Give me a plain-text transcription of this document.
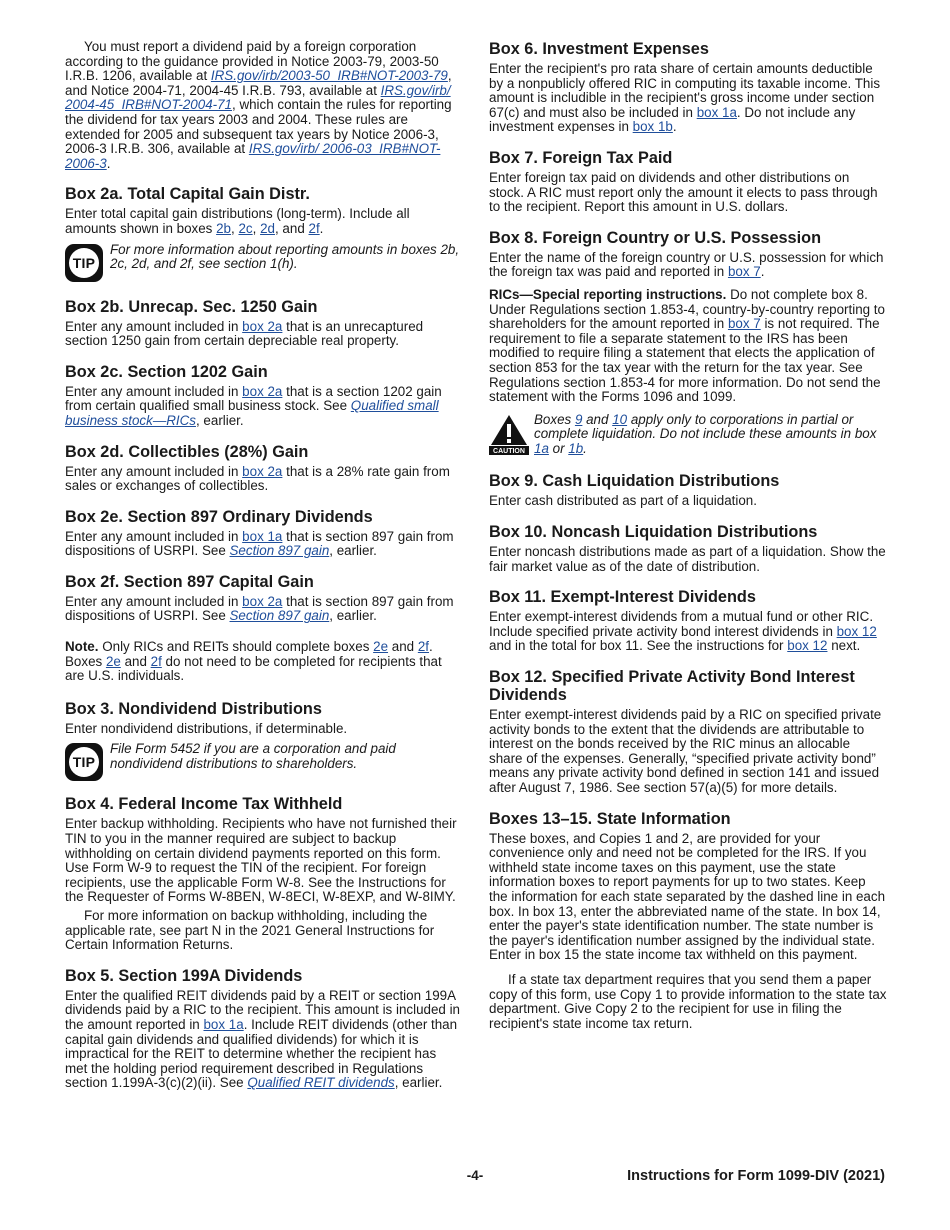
You must report a dividend paid by a foreign corporation according to the guidance provided in Notice 2003-79, 2003-50 I.R.B. 1206, available at IRS.gov/irb/2003-50_IRB#NOT-2003-79, and Notice 2004-71, 2004-45 I.R.B. 793, available at IRS.gov/irb/ 2004-45_IRB#NOT-2004-71, which contain the rules for reporting the dividend for tax years 2003 and 2004. These rules are extended for 2005 and subsequent tax years by Notice 2006-3, 2006-3 I.R.B. 306, available at IRS.gov/irb/ 2006-03_IRB#NOT-2006-3.

Box 2a. Total Capital Gain Distr.

Enter total capital gain distributions (long-term). Include all amounts shown in boxes 2b, 2c, 2d, and 2f.

TIP
For more information about reporting amounts in boxes 2b, 2c, 2d, and 2f, see section 1(h).
Box 2b. Unrecap. Sec. 1250 Gain

Enter any amount included in box 2a that is an unrecaptured section 1250 gain from certain depreciable real property.

Box 2c. Section 1202 Gain

Enter any amount included in box 2a that is a section 1202 gain from certain qualified small business stock. See Qualified small business stock—RICs, earlier.

Box 2d. Collectibles (28%) Gain

Enter any amount included in box 2a that is a 28% rate gain from sales or exchanges of collectibles.

Box 2e. Section 897 Ordinary Dividends

Enter any amount included in box 1a that is section 897 gain from dispositions of USRPI. See Section 897 gain, earlier.

Box 2f. Section 897 Capital Gain

Enter any amount included in box 2a that is section 897 gain from dispositions of USRPI. See Section 897 gain, earlier.

Note. Only RICs and REITs should complete boxes 2e and 2f. Boxes 2e and 2f do not need to be completed for recipients that are U.S. individuals.

Box 3. Nondividend Distributions

Enter nondividend distributions, if determinable.

TIP
File Form 5452 if you are a corporation and paid nondividend distributions to shareholders.
Box 4. Federal Income Tax Withheld

Enter backup withholding. Recipients who have not furnished their TIN to you in the manner required are subject to backup withholding on certain dividend payments reported on this form. Use Form W-9 to request the TIN of the recipient. For foreign recipients, use the applicable Form W-8. See the Instructions for the Requester of Forms W-8BEN, W-8ECI, W-8EXP, and W-8IMY.

For more information on backup withholding, including the applicable rate, see part N in the 2021 General Instructions for Certain Information Returns.

Box 5. Section 199A Dividends

Enter the qualified REIT dividends paid by a REIT or section 199A dividends paid by a RIC to the recipient. This amount is included in the amount reported in box 1a. Include REIT dividends (other than capital gain dividends and qualified dividends) for which it is impractical for the REIT to determine whether the recipient has met the holding period requirement described in Regulations section 1.199A-3(c)(2)(ii). See Qualified REIT dividends, earlier.

Box 6. Investment Expenses

Enter the recipient's pro rata share of certain amounts deductible by a nonpublicly offered RIC in computing its taxable income. This amount is includible in the recipient's gross income under section 67(c) and must also be included in box 1a. Do not include any investment expenses in box 1b.

Box 7. Foreign Tax Paid

Enter foreign tax paid on dividends and other distributions on stock. A RIC must report only the amount it elects to pass through to the recipient. Report this amount in U.S. dollars.

Box 8. Foreign Country or U.S. Possession

Enter the name of the foreign country or U.S. possession for which the foreign tax was paid and reported in box 7.

RICs—Special reporting instructions. Do not complete box 8. Under Regulations section 1.853-4, country-by-country reporting to shareholders for the amount reported in box 7 is not required. The requirement to file a separate statement to the IRS has been modified to require filing a statement that elects the application of section 853 for the tax year with the return for the tax year. See Regulations section 1.853-4 for more information. Do not send the statement with the Forms 1096 and 1099.

CAUTION
Boxes 9 and 10 apply only to corporations in partial or complete liquidation. Do not include these amounts in box 1a or 1b.
Box 9. Cash Liquidation Distributions

Enter cash distributed as part of a liquidation.

Box 10. Noncash Liquidation Distributions

Enter noncash distributions made as part of a liquidation. Show the fair market value as of the date of distribution.

Box 11. Exempt-Interest Dividends

Enter exempt-interest dividends from a mutual fund or other RIC. Include specified private activity bond interest dividends in box 12 and in the total for box 11. See the instructions for box 12 next.

Box 12. Specified Private Activity Bond Interest Dividends

Enter exempt-interest dividends paid by a RIC on specified private activity bonds to the extent that the dividends are attributable to interest on the bonds received by the RIC minus an allocable share of the expenses. Generally, “specified private activity bond” means any private activity bond defined in section 141 and issued after August 7, 1986. See section 57(a)(5) for more details.

Boxes 13–15. State Information

These boxes, and Copies 1 and 2, are provided for your convenience only and need not be completed for the IRS. If you withheld state income taxes on this payment, use the state information boxes to report payments for up to two states. Keep the information for each state separated by the dashed line in each box. In box 13, enter the abbreviated name of the state. In box 14, enter the payer's state identification number. The state number is the payer's identification number assigned by the individual state. Enter in box 15 the state income tax withheld on this payment.

If a state tax department requires that you send them a paper copy of this form, use Copy 1 to provide information to the state tax department. Give Copy 2 to the recipient for use in filing the recipient's state income tax return.

-4-	Instructions for Form 1099-DIV (2021)
